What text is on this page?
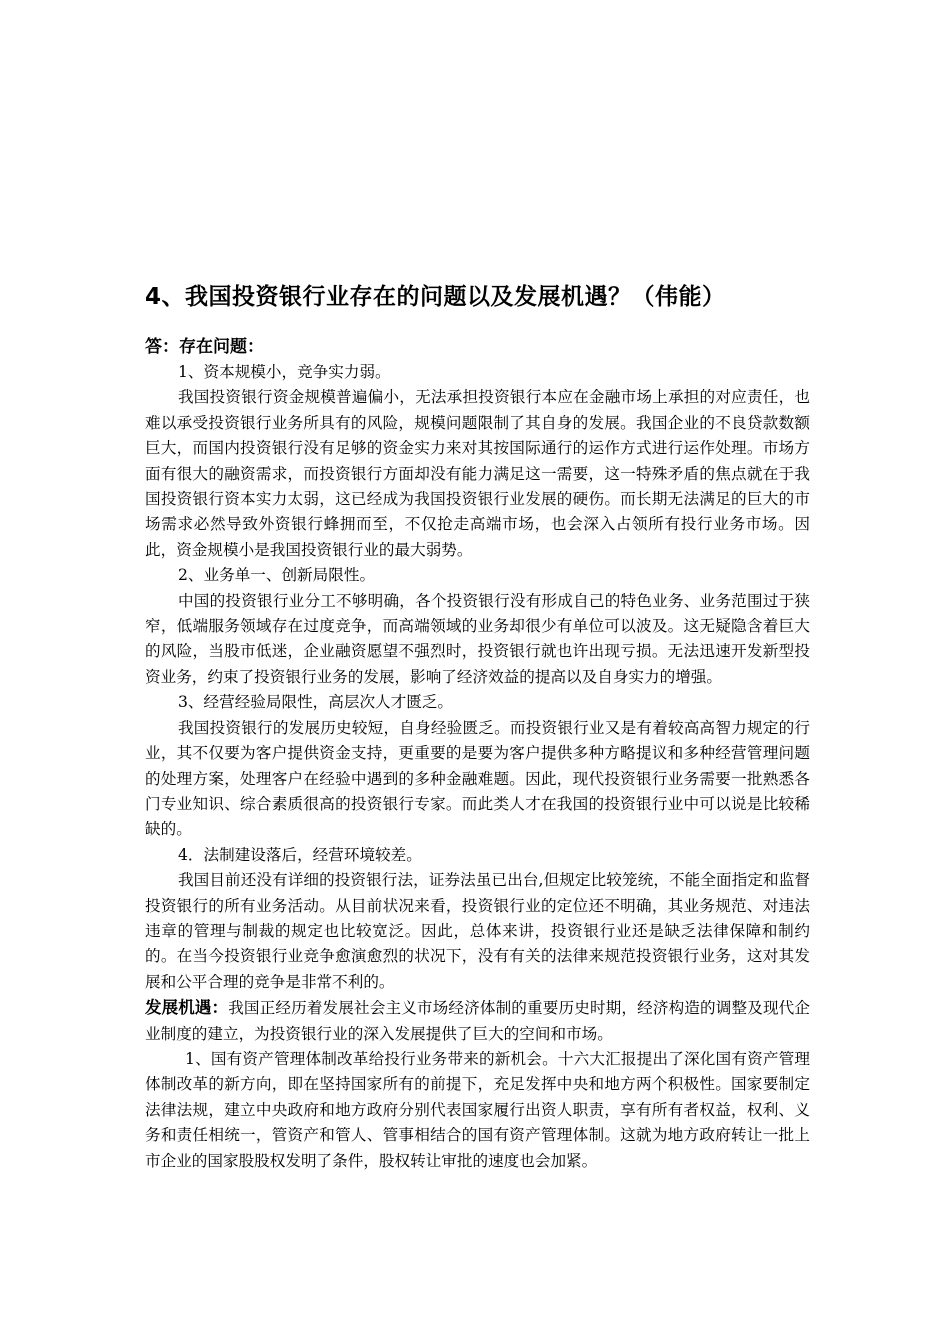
4、我国投资银行业存在的问题以及发展机遇？（伟能）

答：存在问题：

1、资本规模小，竞争实力弱。

我国投资银行资金规模普遍偏小，无法承担投资银行本应在金融市场上承担的对应责任，也难以承受投资银行业务所具有的风险，规模问题限制了其自身的发展。我国企业的不良贷款数额巨大，而国内投资银行没有足够的资金实力来对其按国际通行的运作方式进行运作处理。市场方面有很大的融资需求，而投资银行方面却没有能力满足这一需要，这一特殊矛盾的焦点就在于我国投资银行资本实力太弱，这已经成为我国投资银行业发展的硬伤。而长期无法满足的巨大的市场需求必然导致外资银行蜂拥而至，不仅抢走高端市场，也会深入占领所有投行业务市场。因此，资金规模小是我国投资银行业的最大弱势。

2、业务单一、创新局限性。

中国的投资银行业分工不够明确，各个投资银行没有形成自己的特色业务、业务范围过于狭窄，低端服务领域存在过度竞争，而高端领域的业务却很少有单位可以波及。这无疑隐含着巨大的风险，当股市低迷，企业融资愿望不强烈时，投资银行就也许出现亏损。无法迅速开发新型投资业务，约束了投资银行业务的发展，影响了经济效益的提高以及自身实力的增强。

3、经营经验局限性，高层次人才匮乏。

我国投资银行的发展历史较短，自身经验匮乏。而投资银行业又是有着较高高智力规定的行业，其不仅要为客户提供资金支持，更重要的是要为客户提供多种方略提议和多种经营管理问题的处理方案，处理客户在经验中遇到的多种金融难题。因此，现代投资银行业务需要一批熟悉各门专业知识、综合素质很高的投资银行专家。而此类人才在我国的投资银行业中可以说是比较稀缺的。

4．法制建设落后，经营环境较差。

我国目前还没有详细的投资银行法，证券法虽已出台,但规定比较笼统，不能全面指定和监督投资银行的所有业务活动。从目前状况来看，投资银行业的定位还不明确，其业务规范、对违法违章的管理与制裁的规定也比较宽泛。因此，总体来讲，投资银行业还是缺乏法律保障和制约的。在当今投资银行业竞争愈演愈烈的状况下，没有有关的法律来规范投资银行业务，这对其发展和公平合理的竞争是非常不利的。

发展机遇：我国正经历着发展社会主义市场经济体制的重要历史时期，经济构造的调整及现代企业制度的建立，为投资银行业的深入发展提供了巨大的空间和市场。

1、国有资产管理体制改革给投行业务带来的新机会。十六大汇报提出了深化国有资产管理体制改革的新方向，即在坚持国家所有的前提下，充足发挥中央和地方两个积极性。国家要制定法律法规，建立中央政府和地方政府分别代表国家履行出资人职责，享有所有者权益，权利、义务和责任相统一，管资产和管人、管事相结合的国有资产管理体制。这就为地方政府转让一批上市企业的国家股股权发明了条件，股权转让审批的速度也会加紧。
